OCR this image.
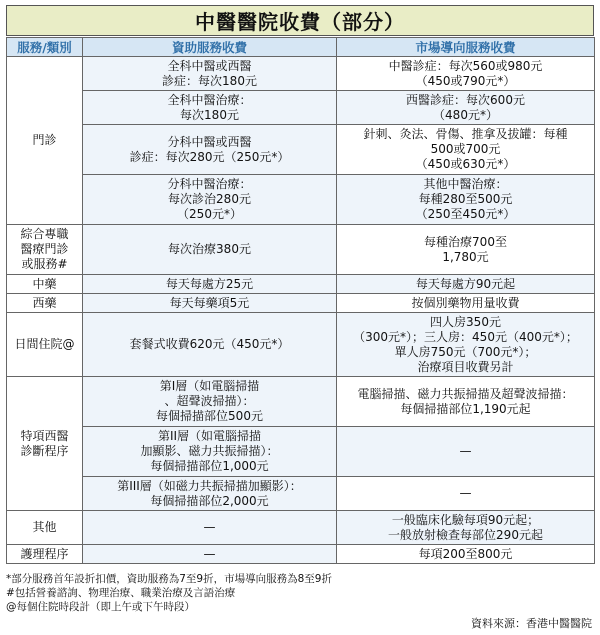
中醫醫院收費（部分）
服務/類別	資助服務收費	市場導向服務收費
門診	全科中醫或西醫
診症：每次180元	中醫診症：每次560或980元
（450或790元*）

	全科中醫治療：
每次180元	西醫診症：每次600元
（480元*）

	分科中醫或西醫
診症：每次280元（250元*）	針刺、灸法、骨傷、推拿及拔罐：每種
500或700元
（450或630元*）

	分科中醫治療：
每次診治280元
（250元*）	其他中醫治療：
每種280至500元
（250至450元*）

綜合專職
醫療門診
或服務#	每次治療380元	每種治療700至
1,780元

中藥	每天每處方25元	每天每處方90元起
西藥	每天每藥項5元	按個別藥物用量收費
日間住院@	套餐式收費620元（450元*）	四人房350元
（300元*）；三人房：450元（400元*）；
單人房750元（700元*）；
治療項目收費另計

特項西醫
診斷程序	第I層（如電腦掃描
、超聲波掃描）：
每個掃描部位500元	電腦掃描、磁力共振掃描及超聲波掃描：
每個掃描部位1,190元起

	第II層（如電腦掃描
加顯影、磁力共振掃描）：
每個掃描部位1,000元	—

	第III層（如磁力共振掃描加顯影）：
每個掃描部位2,000元	—
其他	—	一般臨床化驗每項90元起；
一般放射檢查每部位290元起

護理程序	—	每項200至800元
*部分服務首年設折扣價，資助服務為7至9折，市場導向服務為8至9折
#包括營養諮詢、物理治療、職業治療及言語治療
@每個住院時段計（即上午或下午時段）
資料來源：香港中醫醫院
